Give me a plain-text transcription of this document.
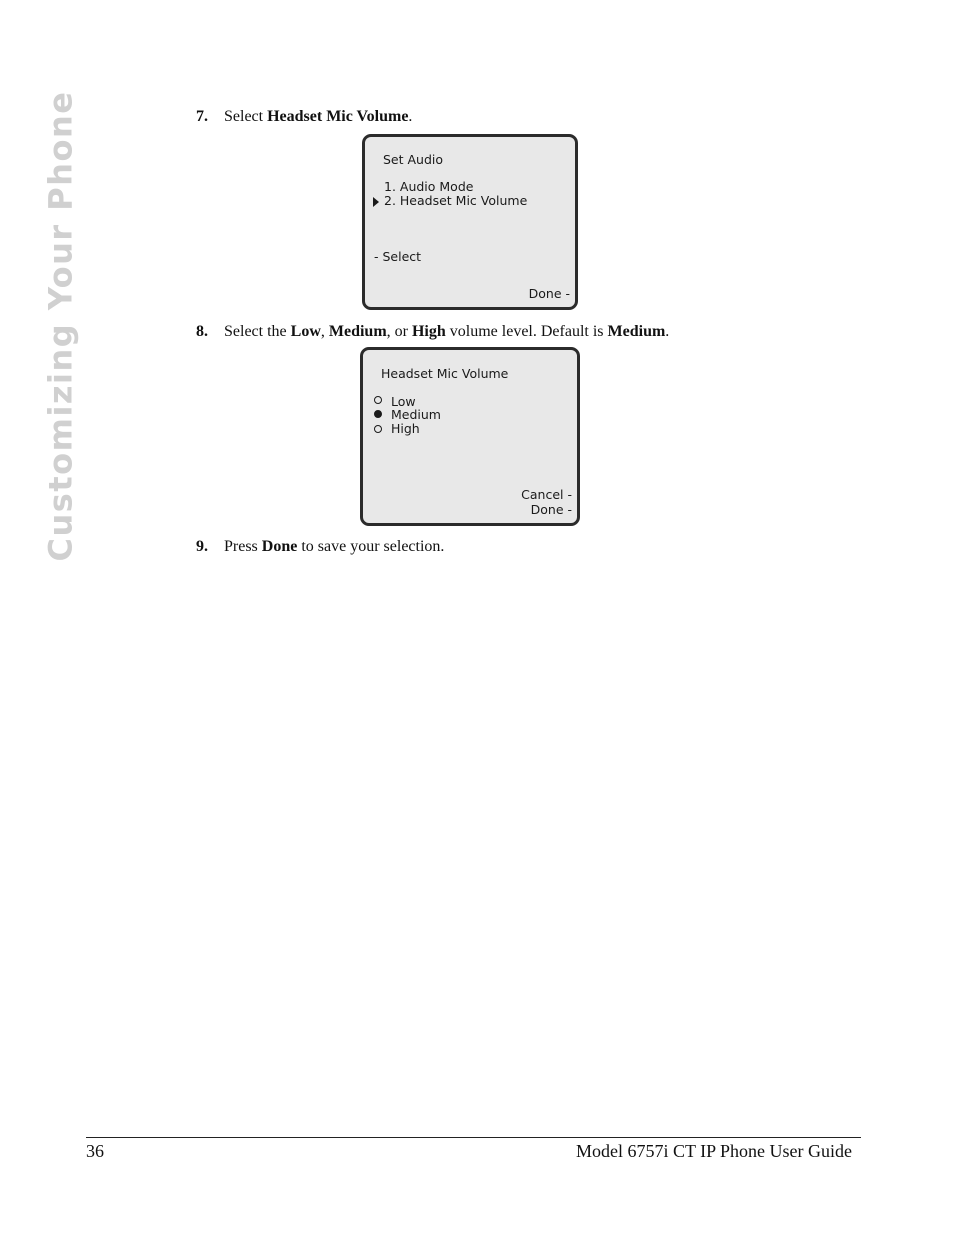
Customizing Your Phone	7. Select Headset Mic Volume.
Set Audio
1. Audio Mode
2. Headset Mic Volume
- Select
Done -
8. Select the Low, Medium, or High volume level. Default is Medium.
Headset Mic Volume
Low
Medium
High
Cancel -
Done -
9. Press Done to save your selection.
36	Model 6757i CT IP Phone User Guide
